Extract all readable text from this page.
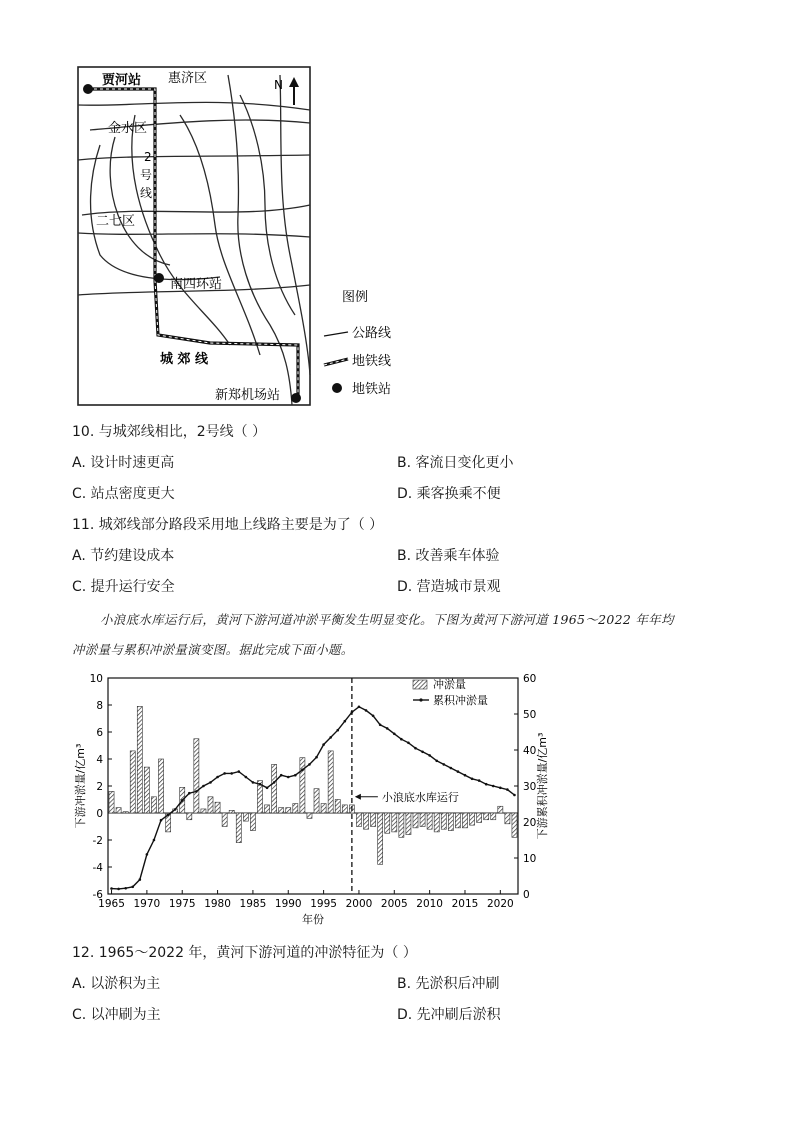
贾河站 惠济区
金水区
2
号
线
二七区
南四环站
城 郊 线
新郑机场站
N
图例
公路线
地铁线
地铁站
10. 与城郊线相比，2号线（ ）
A. 设计时速更高	B. 客流日变化更小
C. 站点密度更大	D. 乘客换乘不便
11. 城郊线部分路段采用地上线路主要是为了（ ）
A. 节约建设成本	B. 改善乘车体验
C. 提升运行安全	D. 营造城市景观
小浪底水库运行后，黄河下游河道冲淤平衡发生明显变化。下图为黄河下游河道 1965～2022 年年均
冲淤量与累积冲淤量演变图。据此完成下面小题。
-6
-4
-2
0
2
4
6
8
10
0
10
20
30
40
50
60
1965 1970 1975 1980 1985 1990 1995 2000 2005 2010 2015 2020
小浪底水库运行
冲淤量
累积冲淤量
下游冲淤量/亿m³	下游累积冲淤量/亿m³
年份
12. 1965～2022 年，黄河下游河道的冲淤特征为（ ）
A. 以淤积为主	B. 先淤积后冲刷
C. 以冲刷为主	D. 先冲刷后淤积
